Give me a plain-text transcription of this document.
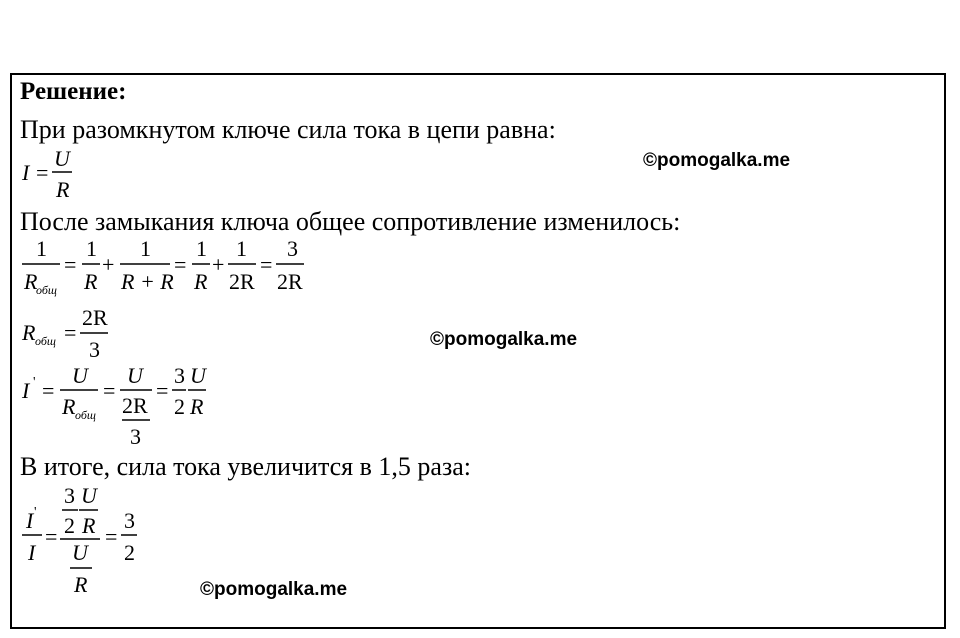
Решение:
При разомкнутом ключе сила тока в цепи равна:
После замыкания ключа общее сопротивление изменилось:
В итоге, сила тока увеличится в 1,5 раза:
©pomogalka.me
©pomogalka.me
©pomogalka.me
I =
U
R
1
R
общ
=
1
R
+
1
R + R
=
1
R
+
1
2R
=
3
2R
R общ =
2R
3
I ' =
U
R общ
=
U
2R
3
=
3
2
U
R
I '
I
=
3
2
U
R
U
R
=
3
2
